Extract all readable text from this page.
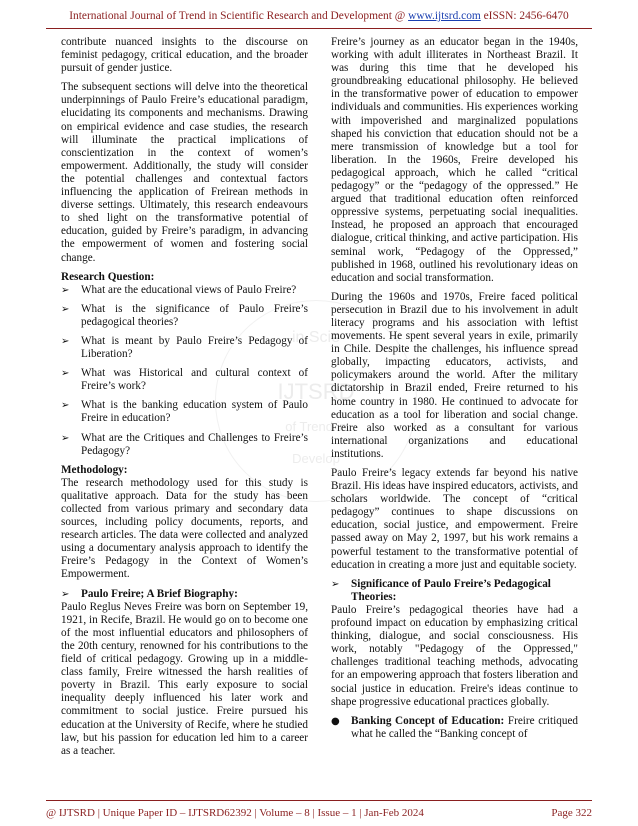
International Journal of Trend in Scientific Research and Development @ www.ijtsrd.com eISSN: 2456-6470
in Scie
IJTSRD
of Trend in
Develop

contribute nuanced insights to the discourse on feminist pedagogy, critical education, and the broader pursuit of gender justice.

The subsequent sections will delve into the theoretical underpinnings of Paulo Freire’s educational paradigm, elucidating its components and mechanisms. Drawing on empirical evidence and case studies, the research will illuminate the practical implications of conscientization in the context of women’s empowerment. Additionally, the study will consider the potential challenges and contextual factors influencing the application of Freirean methods in diverse settings. Ultimately, this research endeavours to shed light on the transformative potential of education, guided by Freire’s paradigm, in advancing the empowerment of women and fostering social change.

Research Question:
➢ What are the educational views of Paulo Freire?
➢ What is the significance of Paulo Freire’s pedagogical theories?
➢ What is meant by Paulo Freire’s Pedagogy of Liberation?
➢ What was Historical and cultural context of Freire’s work?
➢ What is the banking education system of Paulo Freire in education?
➢ What are the Critiques and Challenges to Freire’s Pedagogy?
Methodology:

The research methodology used for this study is qualitative approach. Data for the study has been collected from various primary and secondary data sources, including policy documents, reports, and research articles. The data were collected and analyzed using a documentary analysis approach to identify the Freire’s Pedagogy in the Context of Women’s Empowerment.

➢ Paulo Freire; A Brief Biography:

Paulo Reglus Neves Freire was born on September 19, 1921, in Recife, Brazil. He would go on to become one of the most influential educators and philosophers of the 20th century, renowned for his contributions to the field of critical pedagogy. Growing up in a middle-class family, Freire witnessed the harsh realities of poverty in Brazil. This early exposure to social inequality deeply influenced his later work and commitment to social justice. Freire pursued his education at the University of Recife, where he studied law, but his passion for education led him to a career as a teacher.

Freire’s journey as an educator began in the 1940s, working with adult illiterates in Northeast Brazil. It was during this time that he developed his groundbreaking educational philosophy. He believed in the transformative power of education to empower individuals and communities. His experiences working with impoverished and marginalized populations shaped his conviction that education should not be a mere transmission of knowledge but a tool for liberation. In the 1960s, Freire developed his pedagogical approach, which he called “critical pedagogy” or the “pedagogy of the oppressed.” He argued that traditional education often reinforced oppressive systems, perpetuating social inequalities. Instead, he proposed an approach that encouraged dialogue, critical thinking, and active participation. His seminal work, “Pedagogy of the Oppressed,” published in 1968, outlined his revolutionary ideas on education and social transformation.

During the 1960s and 1970s, Freire faced political persecution in Brazil due to his involvement in adult literacy programs and his association with leftist movements. He spent several years in exile, primarily in Chile. Despite the challenges, his influence spread globally, impacting educators, activists, and policymakers around the world. After the military dictatorship in Brazil ended, Freire returned to his home country in 1980. He continued to advocate for education as a tool for liberation and social change. Freire also worked as a consultant for various international organizations and educational institutions.

Paulo Freire’s legacy extends far beyond his native Brazil. His ideas have inspired educators, activists, and scholars worldwide. The concept of “critical pedagogy” continues to shape discussions on education, social justice, and empowerment. Freire passed away on May 2, 1997, but his work remains a powerful testament to the transformative potential of education in creating a more just and equitable society.

➢ Significance of Paulo Freire’s Pedagogical Theories:

Paulo Freire’s pedagogical theories have had a profound impact on education by emphasizing critical thinking, dialogue, and social consciousness. His work, notably "Pedagogy of the Oppressed," challenges traditional teaching methods, advocating for an empowering approach that fosters liberation and social justice in education. Freire's ideas continue to shape progressive educational practices globally.

● Banking Concept of Education: Freire critiqued what he called the “Banking concept of
@ IJTSRD | Unique Paper ID – IJTSRD62392 | Volume – 8 | Issue – 1 | Jan-Feb 2024	Page 322
